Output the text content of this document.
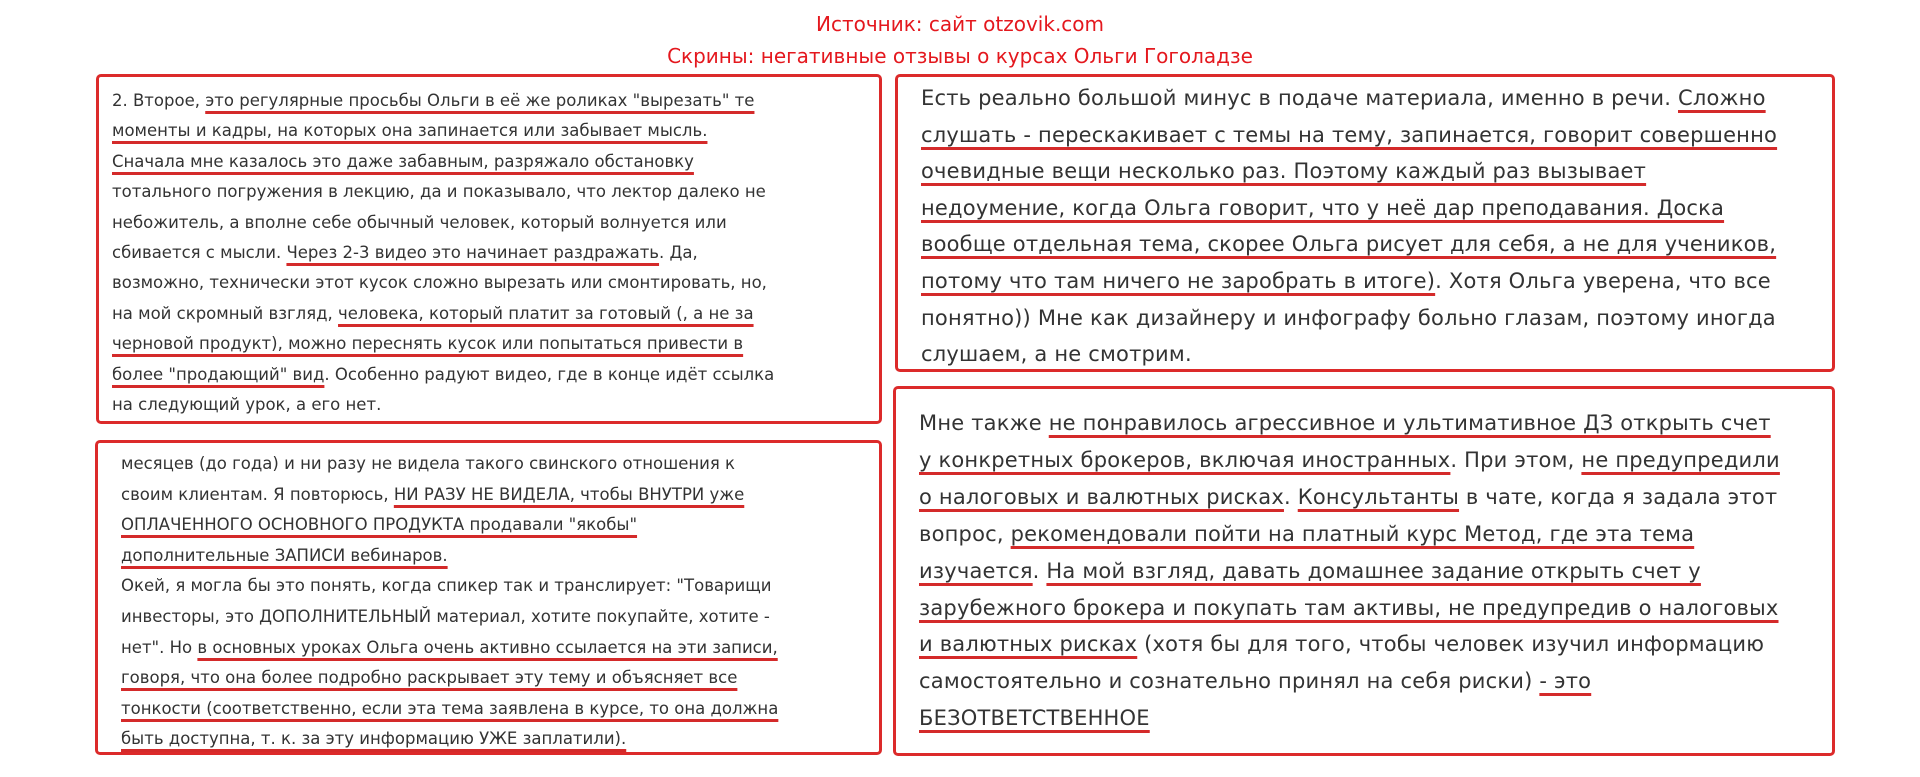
Источник: сайт otzovik.com
Скрины: негативные отзывы о курсах Ольги Гоголадзе
2. Второе, это регулярные просьбы Ольги в её же роликах "вырезать" те
моменты и кадры, на которых она запинается или забывает мысль.
Сначала мне казалось это даже забавным, разряжало обстановку
тотального погружения в лекцию, да и показывало, что лектор далеко не
небожитель, а вполне себе обычный человек, который волнуется или
сбивается с мысли. Через 2-3 видео это начинает раздражать. Да,
возможно, технически этот кусок сложно вырезать или смонтировать, но,
на мой скромный взгляд, человека, который платит за готовый (, а не за
черновой продукт), можно переснять кусок или попытаться привести в
более "продающий" вид. Особенно радуют видео, где в конце идёт ссылка
на следующий урок, а его нет.
месяцев (до года) и ни разу не видела такого свинского отношения к
своим клиентам. Я повторюсь, НИ РАЗУ НЕ ВИДЕЛА, чтобы ВНУТРИ уже
ОПЛАЧЕННОГО ОСНОВНОГО ПРОДУКТА продавали "якобы"
дополнительные ЗАПИСИ вебинаров.
Окей, я могла бы это понять, когда спикер так и транслирует: "Товарищи
инвесторы, это ДОПОЛНИТЕЛЬНЫЙ материал, хотите покупайте, хотите -
нет". Но в основных уроках Ольга очень активно ссылается на эти записи,
говоря, что она более подробно раскрывает эту тему и объясняет все
тонкости (соответственно, если эта тема заявлена в курсе, то она должна
быть доступна, т. к. за эту информацию УЖЕ заплатили).
Есть реально большой минус в подаче материала, именно в речи. Сложно
слушать - перескакивает с темы на тему, запинается, говорит совершенно
очевидные вещи несколько раз. Поэтому каждый раз вызывает
недоумение, когда Ольга говорит, что у неё дар преподавания. Доска
вообще отдельная тема, скорее Ольга рисует для себя, а не для учеников,
потому что там ничего не заробрать в итоге). Хотя Ольга уверена, что все
понятно)) Мне как дизайнеру и инфографу больно глазам, поэтому иногда
слушаем, а не смотрим.
Мне также не понравилось агрессивное и ультимативное ДЗ открыть счет
у конкретных брокеров, включая иностранных. При этом, не предупредили
о налоговых и валютных рисках. Консультанты в чате, когда я задала этот
вопрос, рекомендовали пойти на платный курс Метод, где эта тема
изучается. На мой взгляд, давать домашнее задание открыть счет у
зарубежного брокера и покупать там активы, не предупредив о налоговых
и валютных рисках (хотя бы для того, чтобы человек изучил информацию
самостоятельно и сознательно принял на себя риски) - это
БЕЗОТВЕТСТВЕННОЕ
